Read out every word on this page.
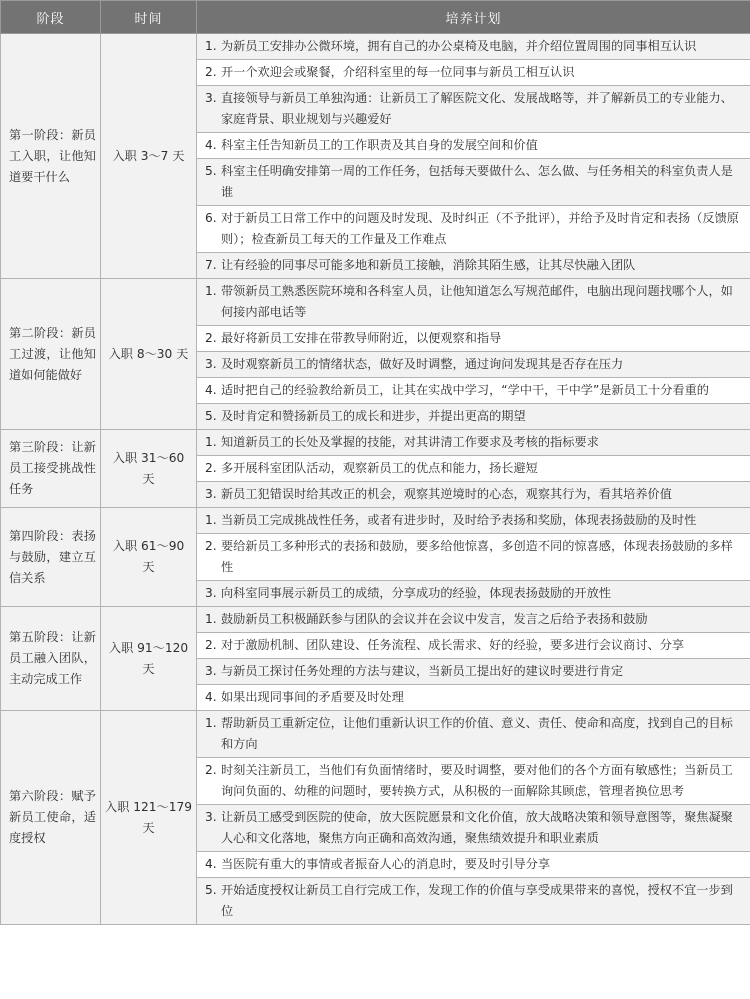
阶段	时间	培养计划
第一阶段：新员工入职，让他知道要干什么	入职 3～7 天	1. 为新员工安排办公微环境，拥有自己的办公桌椅及电脑，并介绍位置周围的同事相互认识

		2. 开一个欢迎会或聚餐，介绍科室里的每一位同事与新员工相互认识

		3. 直接领导与新员工单独沟通：让新员工了解医院文化、发展战略等，并了解新员工的专业能力、家庭背景、职业规划与兴趣爱好

		4. 科室主任告知新员工的工作职责及其自身的发展空间和价值

		5. 科室主任明确安排第一周的工作任务，包括每天要做什么、怎么做、与任务相关的科室负责人是谁

		6. 对于新员工日常工作中的问题及时发现、及时纠正（不予批评），并给予及时肯定和表扬（反馈原则）；检查新员工每天的工作量及工作难点

		7. 让有经验的同事尽可能多地和新员工接触，消除其陌生感，让其尽快融入团队

第二阶段：新员工过渡，让他知道如何能做好	入职 8～30 天	1. 带领新员工熟悉医院环境和各科室人员，让他知道怎么写规范邮件，电脑出现问题找哪个人，如何接内部电话等

		2. 最好将新员工安排在带教导师附近，以便观察和指导

		3. 及时观察新员工的情绪状态，做好及时调整，通过询问发现其是否存在压力

		4. 适时把自己的经验教给新员工，让其在实战中学习，“学中干，干中学”是新员工十分看重的

		5. 及时肯定和赞扬新员工的成长和进步，并提出更高的期望

第三阶段：让新员工接受挑战性任务	入职 31～60 天	1. 知道新员工的长处及掌握的技能，对其讲清工作要求及考核的指标要求

		2. 多开展科室团队活动，观察新员工的优点和能力，扬长避短

		3. 新员工犯错误时给其改正的机会，观察其逆境时的心态，观察其行为，看其培养价值

第四阶段：表扬与鼓励，建立互信关系	入职 61～90 天	1. 当新员工完成挑战性任务，或者有进步时，及时给予表扬和奖励，体现表扬鼓励的及时性

		2. 要给新员工多种形式的表扬和鼓励，要多给他惊喜，多创造不同的惊喜感，体现表扬鼓励的多样性

		3. 向科室同事展示新员工的成绩，分享成功的经验，体现表扬鼓励的开放性

第五阶段：让新员工融入团队，主动完成工作	入职 91～120 天	1. 鼓励新员工积极踊跃参与团队的会议并在会议中发言，发言之后给予表扬和鼓励

		2. 对于激励机制、团队建设、任务流程、成长需求、好的经验，要多进行会议商讨、分享

		3. 与新员工探讨任务处理的方法与建议，当新员工提出好的建议时要进行肯定

		4. 如果出现同事间的矛盾要及时处理

第六阶段：赋予新员工使命，适度授权	入职 121～179 天	1. 帮助新员工重新定位，让他们重新认识工作的价值、意义、责任、使命和高度，找到自己的目标和方向

		2. 时刻关注新员工，当他们有负面情绪时，要及时调整，要对他们的各个方面有敏感性；当新员工询问负面的、幼稚的问题时，要转换方式，从积极的一面解除其顾虑，管理者换位思考

		3. 让新员工感受到医院的使命，放大医院愿景和文化价值，放大战略决策和领导意图等，聚焦凝聚人心和文化落地，聚焦方向正确和高效沟通，聚焦绩效提升和职业素质

		4. 当医院有重大的事情或者振奋人心的消息时，要及时引导分享

		5. 开始适度授权让新员工自行完成工作，发现工作的价值与享受成果带来的喜悦，授权不宜一步到位
